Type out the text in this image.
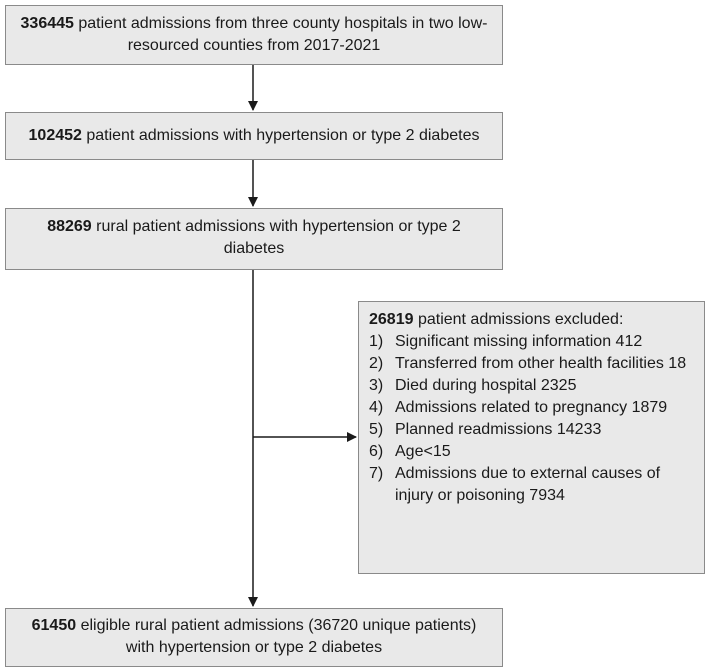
336445 patient admissions from three county hospitals in two low-resourced counties from 2017-2021
102452 patient admissions with hypertension or type 2 diabetes
88269 rural patient admissions with hypertension or type 2 diabetes
26819 patient admissions excluded:
1) Significant missing information 412
2) Transferred from other health facilities 18
3) Died during hospital 2325
4) Admissions related to pregnancy 1879
5) Planned readmissions 14233
6) Age<15
7) Admissions due to external causes of injury or poisoning 7934
61450 eligible rural patient admissions (36720 unique patients) with hypertension or type 2 diabetes
